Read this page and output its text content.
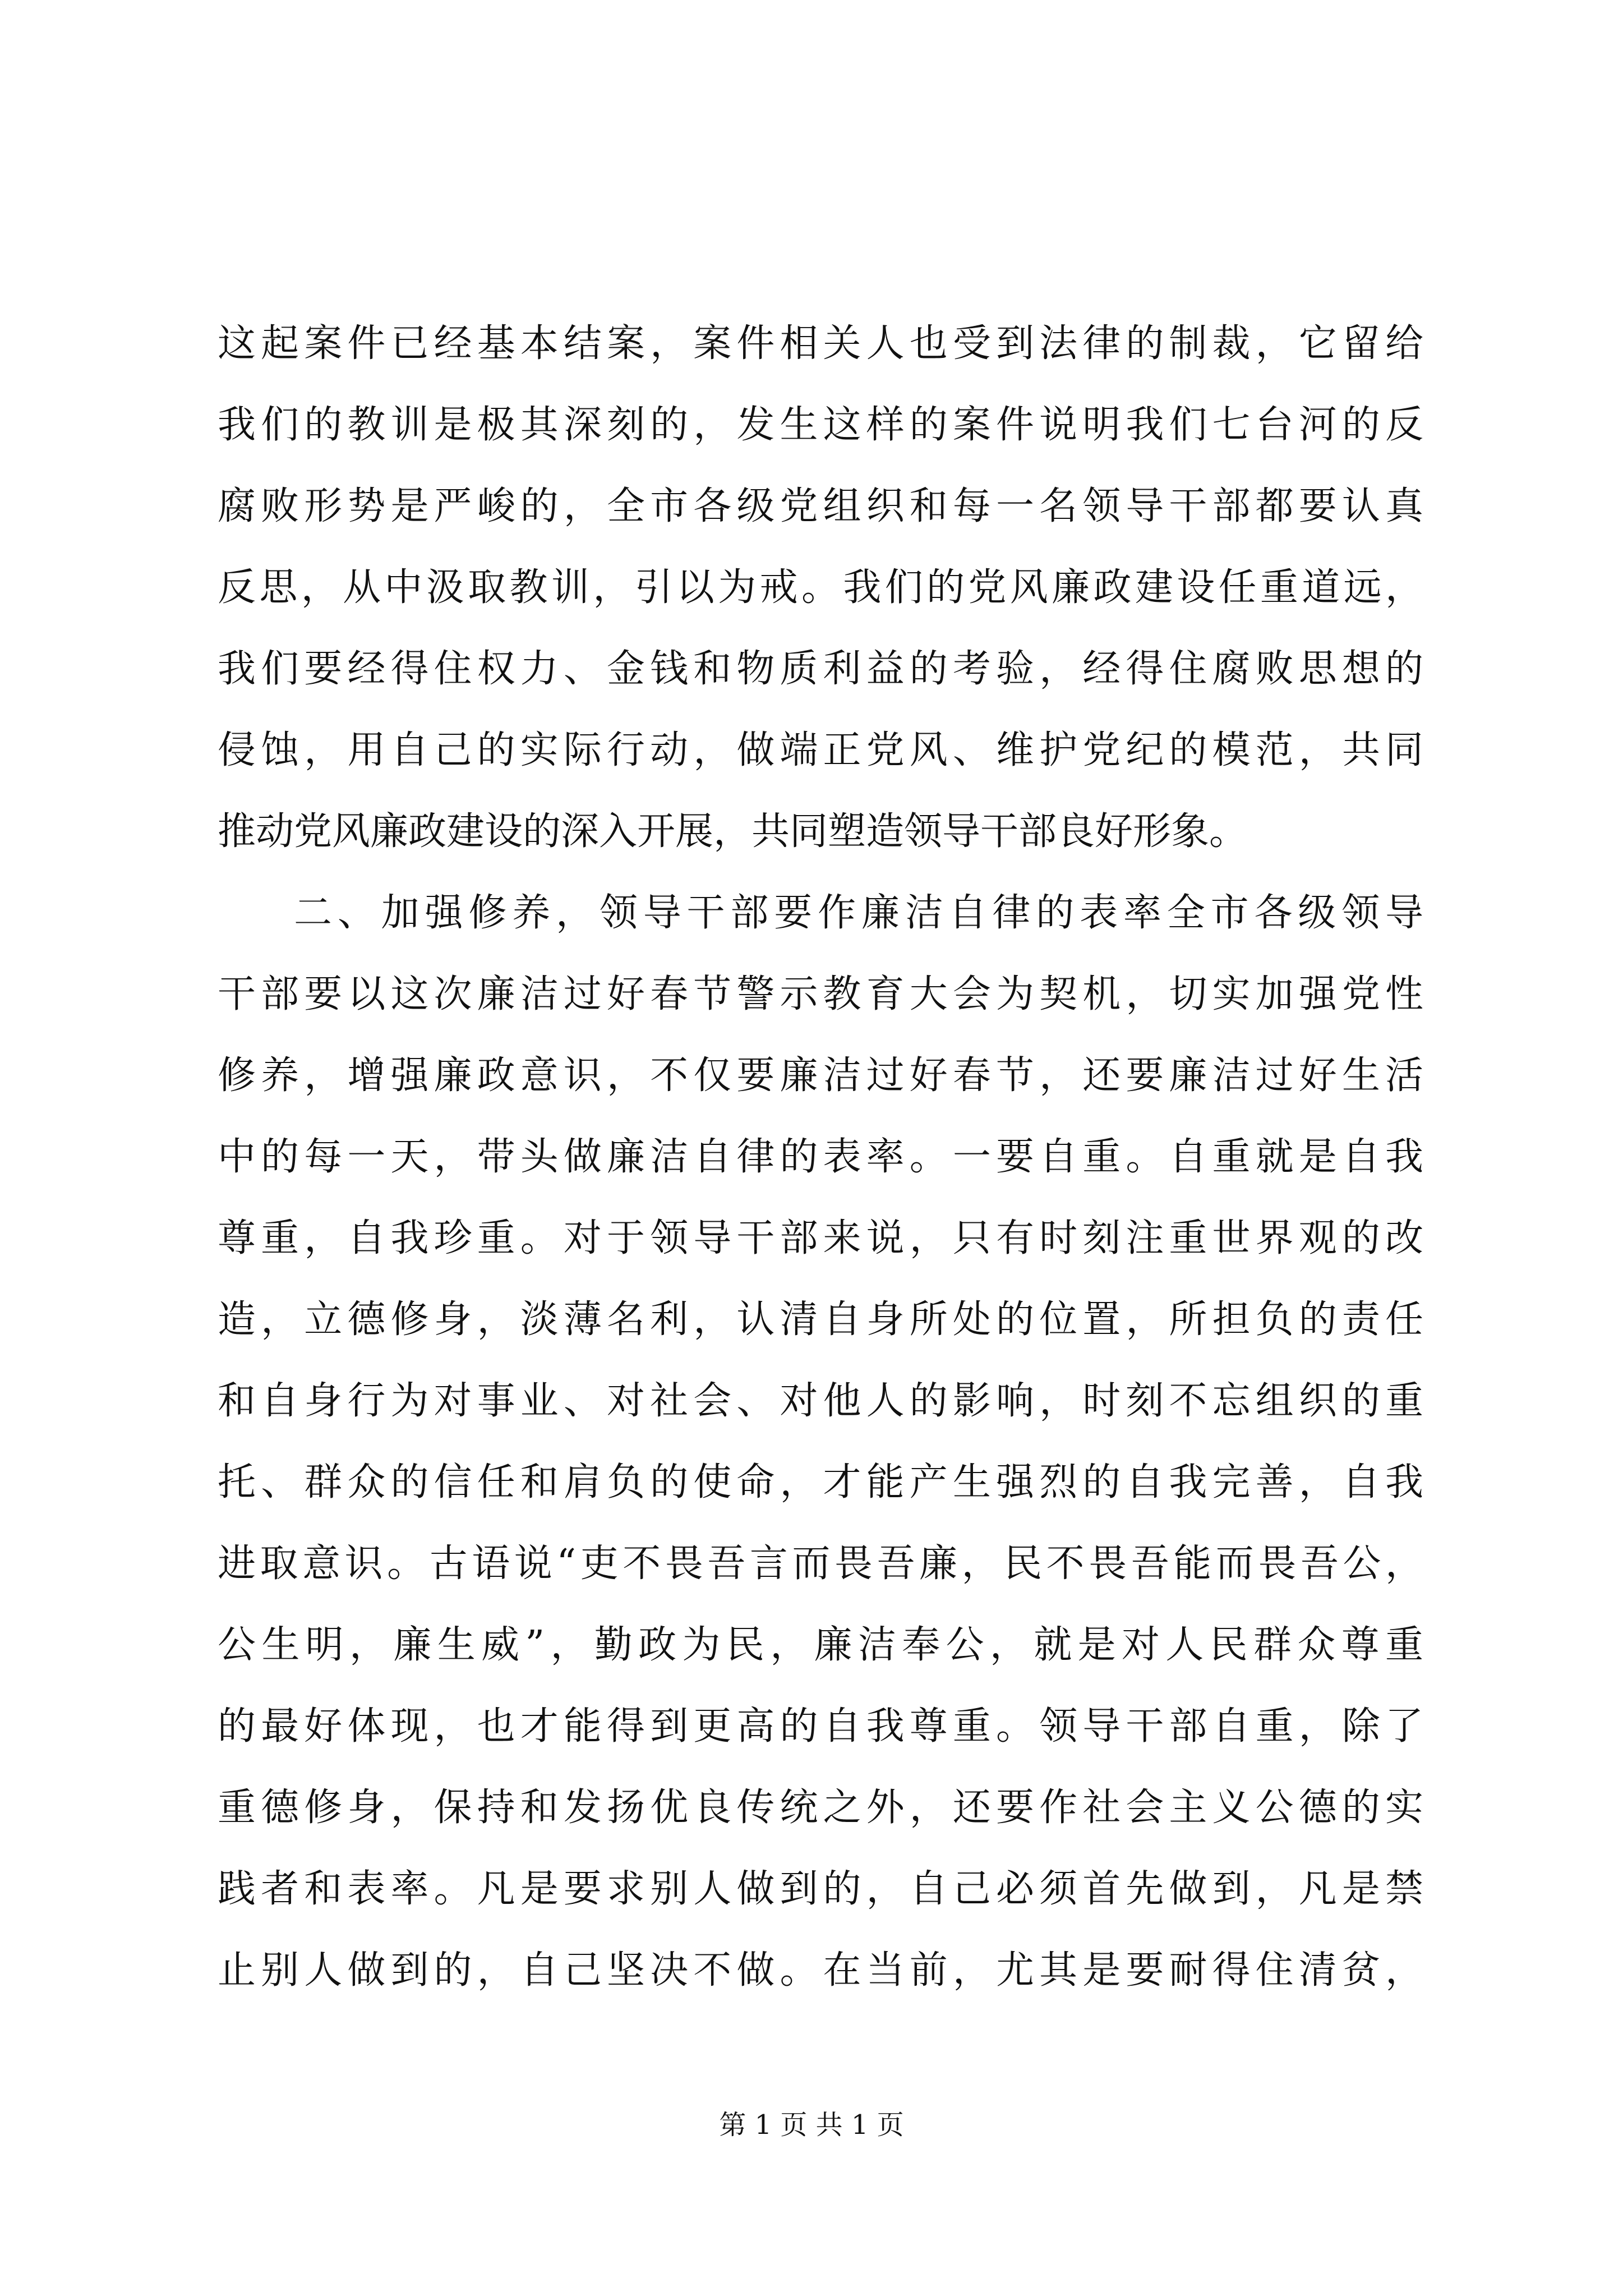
这起案件已经基本结案，案件相关人也受到法律的制裁，它留给
我们的教训是极其深刻的，发生这样的案件说明我们七台河的反
腐败形势是严峻的，全市各级党组织和每一名领导干部都要认真
反思，从中汲取教训，引以为戒。我们的党风廉政建设任重道远，
我们要经得住权力、金钱和物质利益的考验，经得住腐败思想的
侵蚀，用自己的实际行动，做端正党风、维护党纪的模范，共同
推动党风廉政建设的深入开展，共同塑造领导干部良好形象。
二、加强修养，领导干部要作廉洁自律的表率全市各级领导
干部要以这次廉洁过好春节警示教育大会为契机，切实加强党性
修养，增强廉政意识，不仅要廉洁过好春节，还要廉洁过好生活
中的每一天，带头做廉洁自律的表率。一要自重。自重就是自我
尊重，自我珍重。对于领导干部来说，只有时刻注重世界观的改
造，立德修身，淡薄名利，认清自身所处的位置，所担负的责任
和自身行为对事业、对社会、对他人的影响，时刻不忘组织的重
托、群众的信任和肩负的使命，才能产生强烈的自我完善，自我
进取意识。古语说“吏不畏吾言而畏吾廉，民不畏吾能而畏吾公，
公生明，廉生威”，勤政为民，廉洁奉公，就是对人民群众尊重
的最好体现，也才能得到更高的自我尊重。领导干部自重，除了
重德修身，保持和发扬优良传统之外，还要作社会主义公德的实
践者和表率。凡是要求别人做到的，自己必须首先做到，凡是禁
止别人做到的，自己坚决不做。在当前，尤其是要耐得住清贫，
第 1 页 共 1 页
